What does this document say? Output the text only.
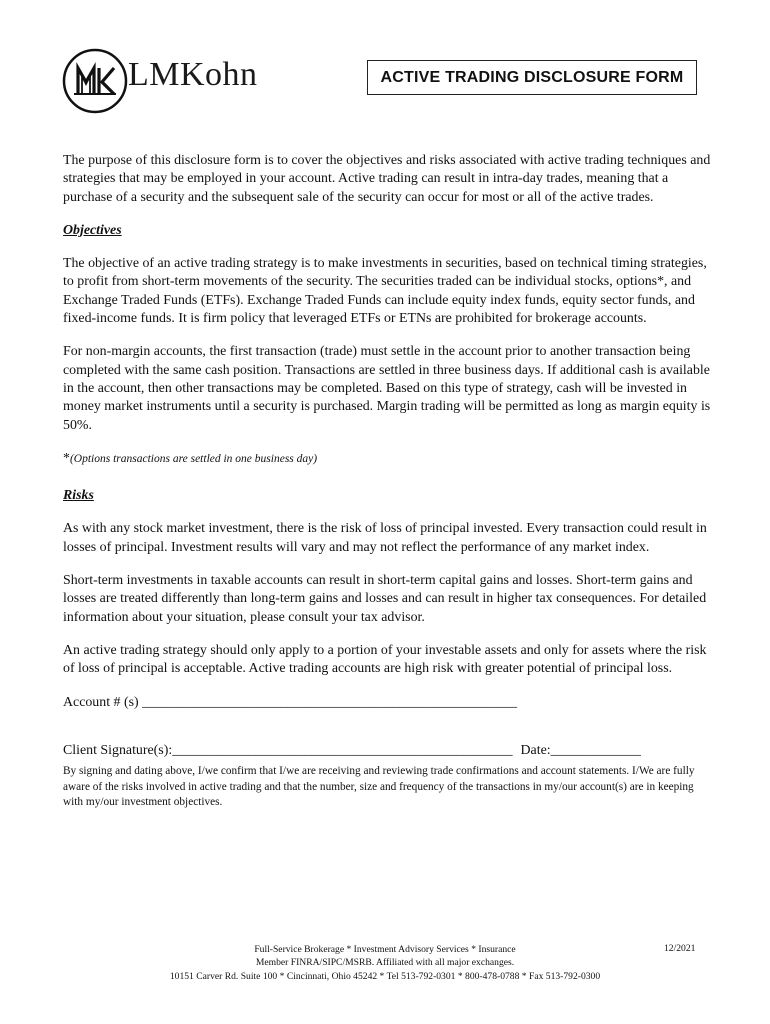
LMKohn	ACTIVE TRADING DISCLOSURE FORM

The purpose of this disclosure form is to cover the objectives and risks associated with active trading techniques and strategies that may be employed in your account. Active trading can result in intra-day trades, meaning that a purchase of a security and the subsequent sale of the security can occur for most or all of the active trades.

Objectives

The objective of an active trading strategy is to make investments in securities, based on technical timing strategies, to profit from short-term movements of the security. The securities traded can be individual stocks, options*, and Exchange Traded Funds (ETFs). Exchange Traded Funds can include equity index funds, equity sector funds, and fixed-income funds. It is firm policy that leveraged ETFs or ETNs are prohibited for brokerage accounts.

For non-margin accounts, the first transaction (trade) must settle in the account prior to another transaction being completed with the same cash position. Transactions are settled in three business days. If additional cash is available in the account, then other transactions may be completed. Based on this type of strategy, cash will be invested in money market instruments until a security is purchased. Margin trading will be permitted as long as margin equity is 50%.

*(Options transactions are settled in one business day)

Risks

As with any stock market investment, there is the risk of loss of principal invested. Every transaction could result in losses of principal. Investment results will vary and may not reflect the performance of any market index.

Short-term investments in taxable accounts can result in short-term capital gains and losses. Short-term gains and losses are treated differently than long-term gains and losses and can result in higher tax consequences. For detailed information about your situation, please consult your tax advisor.

An active trading strategy should only apply to a portion of your investable assets and only for assets where the risk of loss of principal is acceptable. Active trading accounts are high risk with greater potential of principal loss.

Account # (s) ______________________________________________________

Client Signature(s): _________________________________________________ Date: _____________

By signing and dating above, I/we confirm that I/we are receiving and reviewing trade confirmations and account statements. I/We are fully aware of the risks involved in active trading and that the number, size and frequency of the transactions in my/our account(s) are in keeping with my/our investment objectives.

Full-Service Brokerage * Investment Advisory Services * Insurance
Member FINRA/SIPC/MSRB. Affiliated with all major exchanges.
10151 Carver Rd. Suite 100 * Cincinnati, Ohio 45242 * Tel 513-792-0301 * 800-478-0788 * Fax 513-792-0300
12/2021
